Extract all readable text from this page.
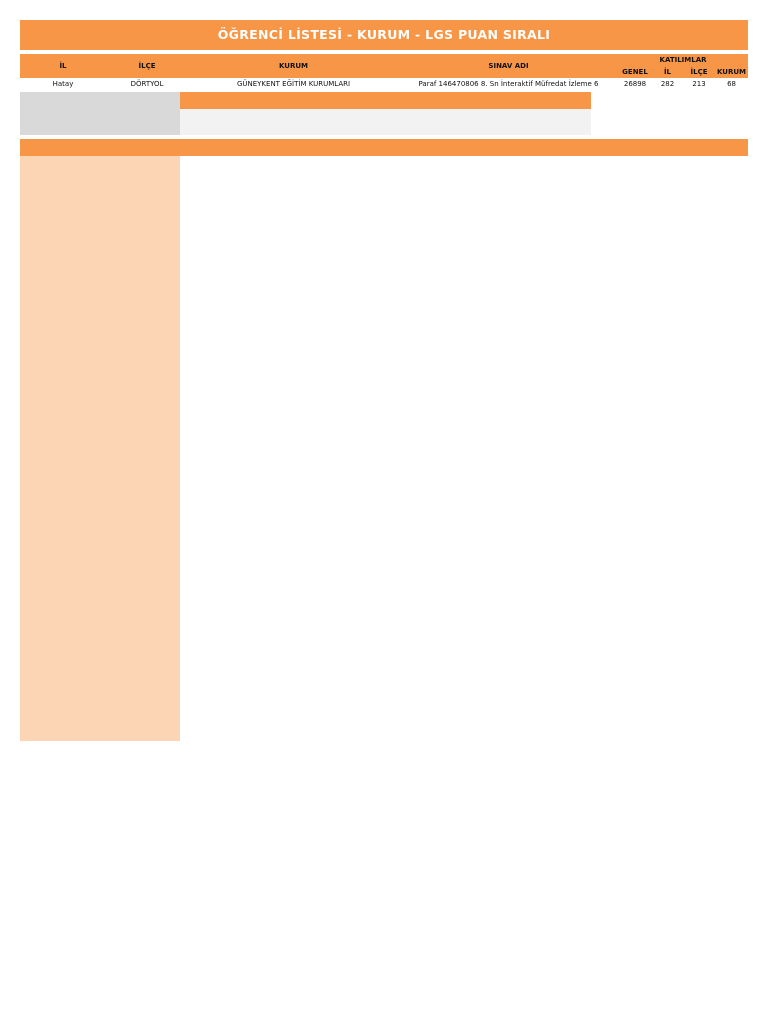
ÖĞRENCİ LİSTESİ - KURUM - LGS PUAN SIRALI
İL	İLÇE	KURUM	SINAV ADI	KATILIMLAR			
				GENEL	İL	İLÇE	KURUM
Hatay	DÖRTYOL	GÜNEYKENT EĞİTİM KURUMLARI	Paraf 146470806 8. Sn İnteraktif Müfredat İzleme 6	26898	282	213	68
